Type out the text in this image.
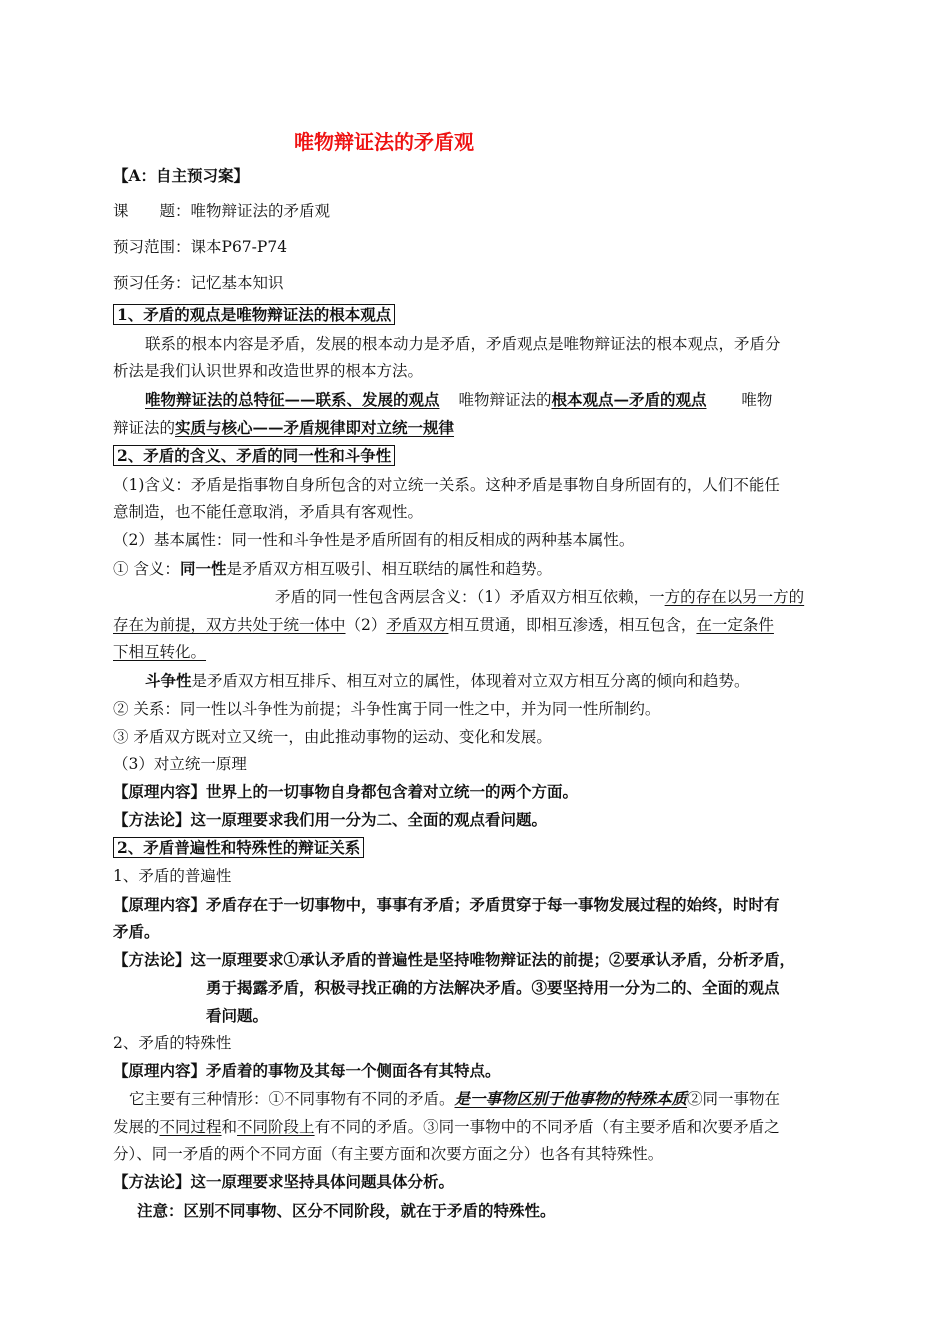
唯物辩证法的矛盾观
【A：自主预习案】
课　　题：唯物辩证法的矛盾观
预习范围：课本P67-P74
预习任务：记忆基本知识
1、矛盾的观点是唯物辩证法的根本观点
联系的根本内容是矛盾，发展的根本动力是矛盾，矛盾观点是唯物辩证法的根本观点，矛盾分
析法是我们认识世界和改造世界的根本方法。
唯物辩证法的总特征——联系、发展的观点 唯物辩证法的根本观点—矛盾的观点 唯物
辩证法的实质与核心——矛盾规律即对立统一规律
2、矛盾的含义、矛盾的同一性和斗争性
（1)含义：矛盾是指事物自身所包含的对立统一关系。这种矛盾是事物自身所固有的，人们不能任
意制造，也不能任意取消，矛盾具有客观性。
（2）基本属性：同一性和斗争性是矛盾所固有的相反相成的两种基本属性。
① 含义：同一性是矛盾双方相互吸引、相互联结的属性和趋势。
矛盾的同一性包含两层含义：（1）矛盾双方相互依赖，一方的存在以另一方的
存在为前提，双方共处于统一体中（2）矛盾双方相互贯通，即相互渗透，相互包含，在一定条件
下相互转化。
斗争性是矛盾双方相互排斥、相互对立的属性，体现着对立双方相互分离的倾向和趋势。
② 关系：同一性以斗争性为前提；斗争性寓于同一性之中，并为同一性所制约。
③ 矛盾双方既对立又统一，由此推动事物的运动、变化和发展。
（3）对立统一原理
【原理内容】世界上的一切事物自身都包含着对立统一的两个方面。
【方法论】这一原理要求我们用一分为二、全面的观点看问题。
2、矛盾普遍性和特殊性的辩证关系
1、矛盾的普遍性
【原理内容】矛盾存在于一切事物中，事事有矛盾；矛盾贯穿于每一事物发展过程的始终，时时有
矛盾。
【方法论】这一原理要求①承认矛盾的普遍性是坚持唯物辩证法的前提；②要承认矛盾，分析矛盾，
勇于揭露矛盾，积极寻找正确的方法解决矛盾。③要坚持用一分为二的、全面的观点
看问题。
2、矛盾的特殊性
【原理内容】矛盾着的事物及其每一个侧面各有其特点。
它主要有三种情形：①不同事物有不同的矛盾。是一事物区别于他事物的特殊本质②同一事物在
发展的不同过程和不同阶段上有不同的矛盾。③同一事物中的不同矛盾（有主要矛盾和次要矛盾之
分）、同一矛盾的两个不同方面（有主要方面和次要方面之分）也各有其特殊性。
【方法论】这一原理要求坚持具体问题具体分析。
注意：区别不同事物、区分不同阶段，就在于矛盾的特殊性。
